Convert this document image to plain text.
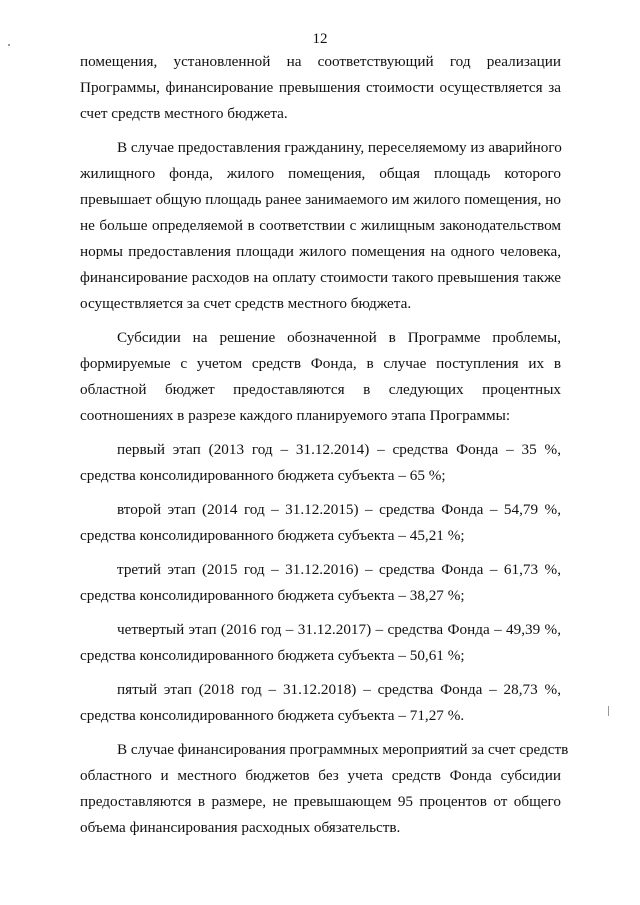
12
помещения, установленной на соответствующий год реализации
Программы, финансирование превышения стоимости осуществляется за
счет средств местного бюджета.
В случае предоставления гражданину, переселяемому из аварийного
жилищного фонда, жилого помещения, общая площадь которого
превышает общую площадь ранее занимаемого им жилого помещения, но
не больше определяемой в соответствии с жилищным законодательством
нормы предоставления площади жилого помещения на одного человека,
финансирование расходов на оплату стоимости такого превышения также
осуществляется за счет средств местного бюджета.
Субсидии на решение обозначенной в Программе проблемы,
формируемые с учетом средств Фонда, в случае поступления их в
областной бюджет предоставляются в следующих процентных
соотношениях в разрезе каждого планируемого этапа Программы:
первый этап (2013 год – 31.12.2014) – средства Фонда – 35 %,
средства консолидированного бюджета субъекта – 65 %;
второй этап (2014 год – 31.12.2015) – средства Фонда – 54,79 %,
средства консолидированного бюджета субъекта – 45,21 %;
третий этап (2015 год – 31.12.2016) – средства Фонда – 61,73 %,
средства консолидированного бюджета субъекта – 38,27 %;
четвертый этап (2016 год – 31.12.2017) – средства Фонда – 49,39 %,
средства консолидированного бюджета субъекта – 50,61 %;
пятый этап (2018 год – 31.12.2018) – средства Фонда – 28,73 %,
средства консолидированного бюджета субъекта – 71,27 %.
В случае финансирования программных мероприятий за счет средств
областного и местного бюджетов без учета средств Фонда субсидии
предоставляются в размере, не превышающем 95 процентов от общего
объема финансирования расходных обязательств.
